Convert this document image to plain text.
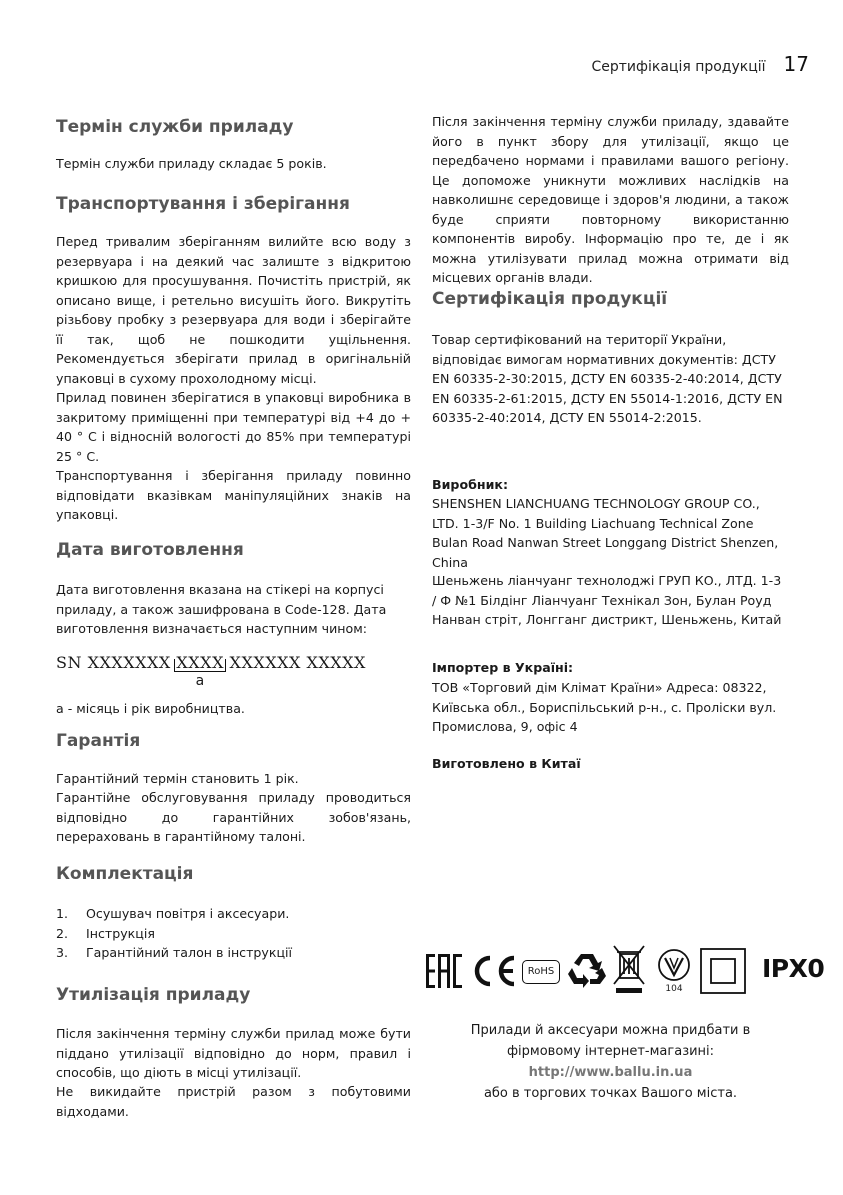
Сертифікація продукції 17
Термін служби приладу
Термін служби приладу складає 5 років.
Транспортування і зберігання
Перед тривалим зберіганням вилийте всю воду з резервуара і на деякий час залиште з відкритою кришкою для просушування. Почистіть пристрій, як описано вище, і ретельно висушіть його. Викрутіть різьбову пробку з резервуара для води і зберігайте її так, щоб не пошкодити ущільнення. Рекомендується зберігати прилад в оригінальній упаковці в сухому прохолодному місці.
Прилад повинен зберігатися в упаковці виробника в закритому приміщенні при температурі від +4 до + 40 ° С і відносній вологості до 85% при температурі 25 ° С.
Транспортування і зберігання приладу повинно відповідати вказівкам маніпуляційних знаків на упаковці.
Дата виготовлення
Дата виготовлення вказана на стікері на корпусі приладу, а також зашифрована в Code-128. Дата виготовлення визначається наступним чином:
SN XXXXXXX XXXX
a
XXXXXX XXXXX
a - місяць і рік виробництва.
Гарантія
Гарантійний термін становить 1 рік.
Гарантійне обслуговування приладу проводиться відповідно до гарантійних зобов'язань, перераховань в гарантійному талоні.
Комплектація
1.	Осушувач повітря і аксесуари.
2.	Інструкція
3.	Гарантійний талон в інструкції
Утилізація приладу
Після закінчення терміну служби прилад може бути піддано утилізації відповідно до норм, правил і способів, що діють в місці утилізації.
Не викидайте пристрій разом з побутовими відходами.
Після закінчення терміну служби приладу, здавайте його в пункт збору для утилізації, якщо це передбачено нормами і правилами вашого регіону. Це допоможе уникнути можливих наслідків на навколишнє середовище і здоров'я людини, а також буде сприяти повторному використанню компонентів виробу. Інформацію про те, де і як можна утилізувати прилад можна отримати від місцевих органів влади.
Сертифікація продукції
Товар сертифікований на території України, відповідає вимогам нормативних документів: ДСТУ EN 60335-2-30:2015, ДСТУ EN 60335-2-40:2014, ДСТУ EN 60335-2-61:2015, ДСТУ EN 55014-1:2016, ДСТУ EN 60335-2-40:2014, ДСТУ EN 55014-2:2015.
Виробник:
SHENSHEN LIANCHUANG TECHNOLOGY GROUP CO., LTD. 1-3/F No. 1 Building Liachuang Technical Zone Bulan Road Nanwan Street Longgang District Shenzen, China
Шеньжень лiанчуанг технолоджi ГРУП КО., ЛТД. 1-3 / Ф №1 Бiлдiнг Лiанчуанг Технiкал Зон, Булан Роуд Нанван стрiт, Лонгганг дистрикт, Шеньжень, Китай
Імпортер в Україні:
ТОВ «Торговий дім Клімат Країни» Адреса: 08322, Київська обл., Бориспільський р-н., с. Пролiски вул. Промислова, 9, офіс 4
Виготовлено в Китаї
RoHS
104
IPX0
Прилади й аксесуари можна придбати в фірмовому інтернет-магазині:
http://www.ballu.in.ua
або в торгових точках Вашого міста.
